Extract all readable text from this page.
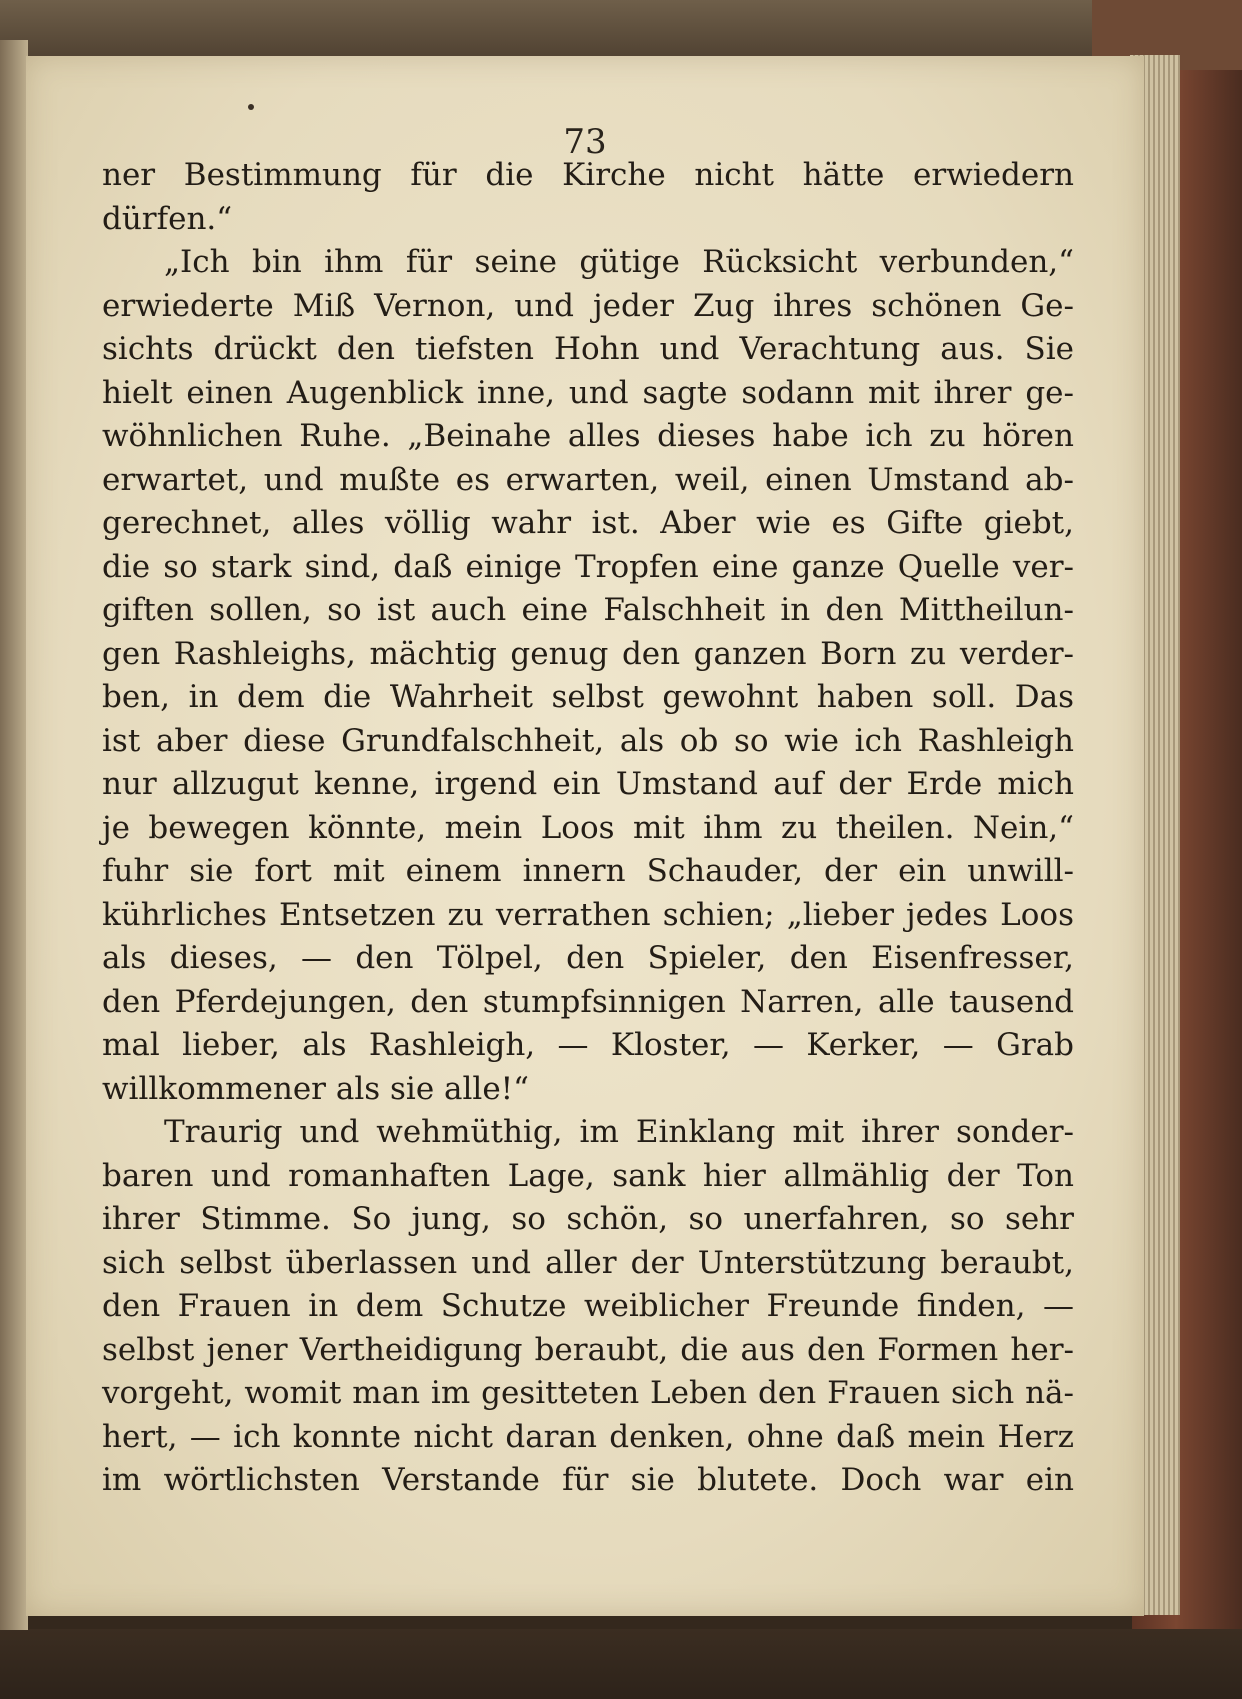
73

ner Bestimmung für die Kirche nicht hätte erwiedern
dürfen.“
„Ich bin ihm für seine gütige Rücksicht verbunden,“
erwiederte Miß Vernon, und jeder Zug ihres schönen Ge-
sichts drückt den tiefsten Hohn und Verachtung aus. Sie
hielt einen Augenblick inne, und sagte sodann mit ihrer ge-
wöhnlichen Ruhe. „Beinahe alles dieses habe ich zu hören
erwartet, und mußte es erwarten, weil, einen Umstand ab-
gerechnet, alles völlig wahr ist. Aber wie es Gifte giebt,
die so stark sind, daß einige Tropfen eine ganze Quelle ver-
giften sollen, so ist auch eine Falschheit in den Mittheilun-
gen Rashleighs, mächtig genug den ganzen Born zu verder-
ben, in dem die Wahrheit selbst gewohnt haben soll. Das
ist aber diese Grundfalschheit, als ob so wie ich Rashleigh
nur allzugut kenne, irgend ein Umstand auf der Erde mich
je bewegen könnte, mein Loos mit ihm zu theilen. Nein,“
fuhr sie fort mit einem innern Schauder, der ein unwill-
kührliches Entsetzen zu verrathen schien; „lieber jedes Loos
als dieses, — den Tölpel, den Spieler, den Eisenfresser,
den Pferdejungen, den stumpfsinnigen Narren, alle tausend
mal lieber, als Rashleigh, — Kloster, — Kerker, — Grab
willkommener als sie alle!“
Traurig und wehmüthig, im Einklang mit ihrer sonder-
baren und romanhaften Lage, sank hier allmählig der Ton
ihrer Stimme. So jung, so schön, so unerfahren, so sehr
sich selbst überlassen und aller der Unterstützung beraubt,
den Frauen in dem Schutze weiblicher Freunde finden, —
selbst jener Vertheidigung beraubt, die aus den Formen her-
vorgeht, womit man im gesitteten Leben den Frauen sich nä-
hert, — ich konnte nicht daran denken, ohne daß mein Herz
im wörtlichsten Verstande für sie blutete. Doch war ein
